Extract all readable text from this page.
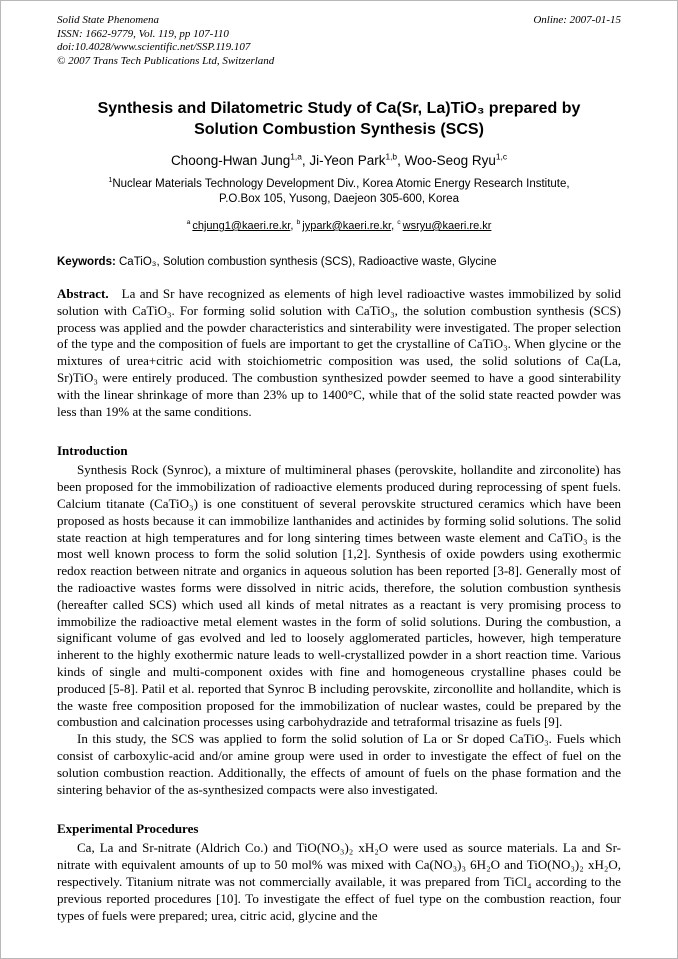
Solid State Phenomena
ISSN: 1662-9779, Vol. 119, pp 107-110
doi:10.4028/www.scientific.net/SSP.119.107
© 2007 Trans Tech Publications Ltd, Switzerland
Online: 2007-01-15
Synthesis and Dilatometric Study of Ca(Sr, La)TiO₃ prepared by
Solution Combustion Synthesis (SCS)
Choong-Hwan Jung$^{1,a}$, Ji-Yeon Park$^{1,b}$, Woo-Seog Ryu$^{1,c}$
$^1$Nuclear Materials Technology Development Div., Korea Atomic Energy Research Institute,
P.O.Box 105, Yusong, Daejeon 305-600, Korea
$^a$ chjung1@kaeri.re.kr, $^b$ jypark@kaeri.re.kr, $^c$ wsryu@kaeri.re.kr
Keywords: CaTiO₃, Solution combustion synthesis (SCS), Radioactive waste, Glycine

Abstract. La and Sr have recognized as elements of high level radioactive wastes immobilized by solid solution with CaTiO₃. For forming solid solution with CaTiO₃, the solution combustion synthesis (SCS) process was applied and the powder characteristics and sinterability were investigated. The proper selection of the type and the composition of fuels are important to get the crystalline of CaTiO₃. When glycine or the mixtures of urea+citric acid with stoichiometric composition was used, the solid solutions of Ca(La, Sr)TiO₃ were entirely produced. The combustion synthesized powder seemed to have a good sinterability with the linear shrinkage of more than 23% up to 1400°C, while that of the solid state reacted powder was less than 19% at the same conditions.

Introduction

Synthesis Rock (Synroc), a mixture of multimineral phases (perovskite, hollandite and zirconolite) has been proposed for the immobilization of radioactive elements produced during reprocessing of spent fuels. Calcium titanate (CaTiO₃) is one constituent of several perovskite structured ceramics which have been proposed as hosts because it can immobilize lanthanides and actinides by forming solid solutions. The solid state reaction at high temperatures and for long sintering times between waste element and CaTiO₃ is the most well known process to form the solid solution [1,2]. Synthesis of oxide powders using exothermic redox reaction between nitrate and organics in aqueous solution has been reported [3-8]. Generally most of the radioactive wastes forms were dissolved in nitric acids, therefore, the solution combustion synthesis (hereafter called SCS) which used all kinds of metal nitrates as a reactant is very promising process to immobilize the radioactive metal element wastes in the form of solid solutions. During the combustion, a significant volume of gas evolved and led to loosely agglomerated particles, however, high temperature inherent to the highly exothermic nature leads to well-crystallized powder in a short reaction time. Various kinds of single and multi-component oxides with fine and homogeneous crystalline phases could be produced [5-8]. Patil et al. reported that Synroc B including perovskite, zirconollite and hollandite, which is the waste free composition proposed for the immobilization of nuclear wastes, could be prepared by the combustion and calcination processes using carbohydrazide and tetraformal trisazine as fuels [9].

In this study, the SCS was applied to form the solid solution of La or Sr doped CaTiO₃. Fuels which consist of carboxylic-acid and/or amine group were used in order to investigate the effect of fuel on the solution combustion reaction. Additionally, the effects of amount of fuels on the phase formation and the sintering behavior of the as-synthesized compacts were also investigated.

Experimental Procedures

Ca, La and Sr-nitrate (Aldrich Co.) and TiO(NO₃)₂ xH₂O were used as source materials. La and Sr-nitrate with equivalent amounts of up to 50 mol% was mixed with Ca(NO₃)₃ 6H₂O and TiO(NO₃)₂ xH₂O, respectively. Titanium nitrate was not commercially available, it was prepared from TiCl₄ according to the previous reported procedures [10]. To investigate the effect of fuel type on the combustion reaction, four types of fuels were prepared; urea, citric acid, glycine and the
